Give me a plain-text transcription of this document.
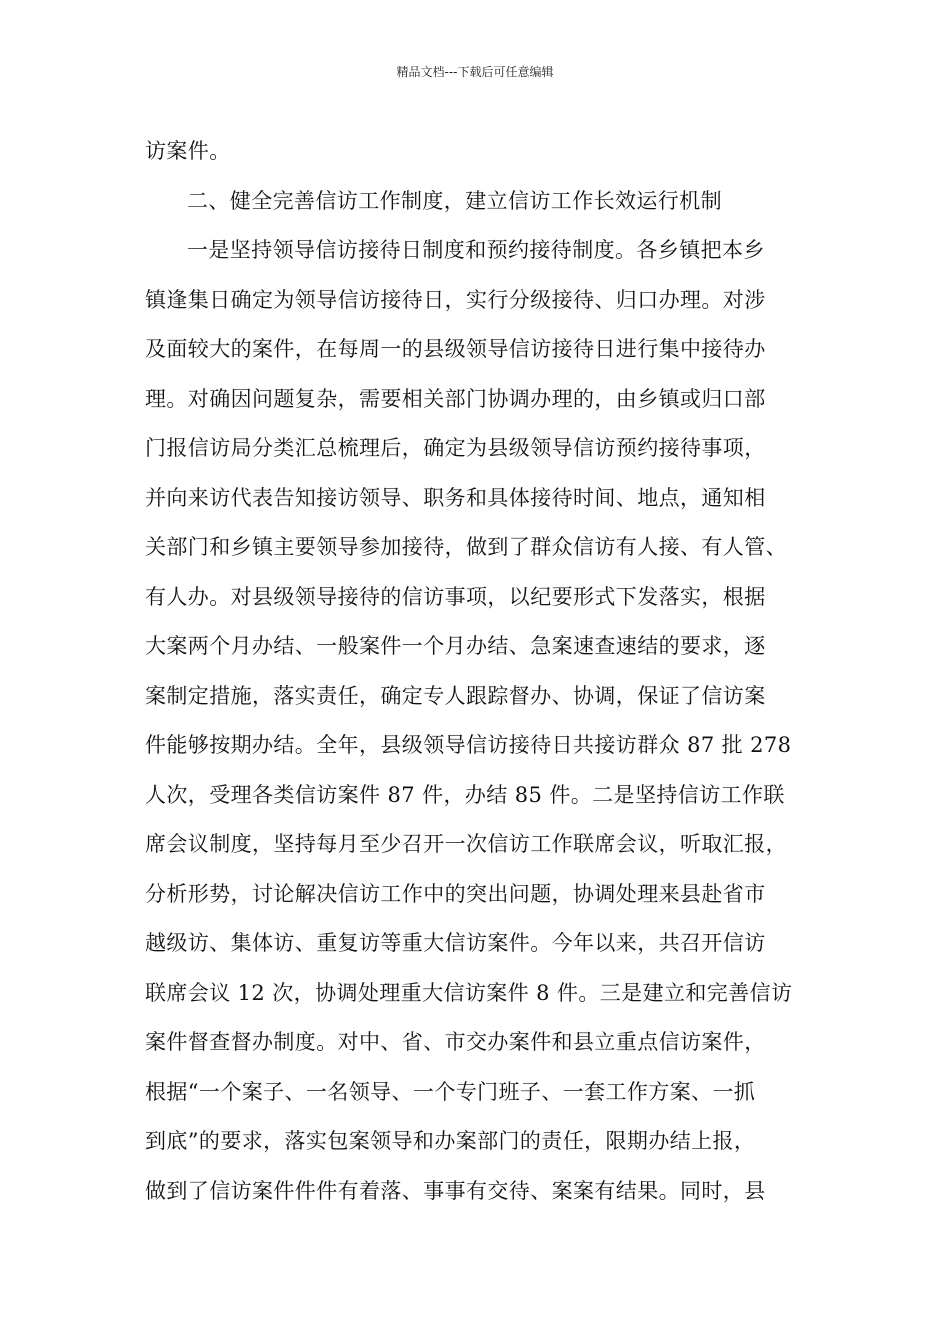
精品文档---下载后可任意编辑
访案件。
二、健全完善信访工作制度，建立信访工作长效运行机制
一是坚持领导信访接待日制度和预约接待制度。各乡镇把本乡
镇逢集日确定为领导信访接待日，实行分级接待、归口办理。对涉
及面较大的案件，在每周一的县级领导信访接待日进行集中接待办
理。对确因问题复杂，需要相关部门协调办理的，由乡镇或归口部
门报信访局分类汇总梳理后，确定为县级领导信访预约接待事项，
并向来访代表告知接访领导、职务和具体接待时间、地点，通知相
关部门和乡镇主要领导参加接待，做到了群众信访有人接、有人管、
有人办。对县级领导接待的信访事项，以纪要形式下发落实，根据
大案两个月办结、一般案件一个月办结、急案速查速结的要求，逐
案制定措施，落实责任，确定专人跟踪督办、协调，保证了信访案
件能够按期办结。全年，县级领导信访接待日共接访群众 87 批 278
人次，受理各类信访案件 87 件，办结 85 件。二是坚持信访工作联
席会议制度，坚持每月至少召开一次信访工作联席会议，听取汇报，
分析形势，讨论解决信访工作中的突出问题，协调处理来县赴省市
越级访、集体访、重复访等重大信访案件。今年以来，共召开信访
联席会议 12 次，协调处理重大信访案件 8 件。三是建立和完善信访
案件督查督办制度。对中、省、市交办案件和县立重点信访案件，
根据“一个案子、一名领导、一个专门班子、一套工作方案、一抓
到底”的要求，落实包案领导和办案部门的责任，限期办结上报，
做到了信访案件件件有着落、事事有交待、案案有结果。同时，县
